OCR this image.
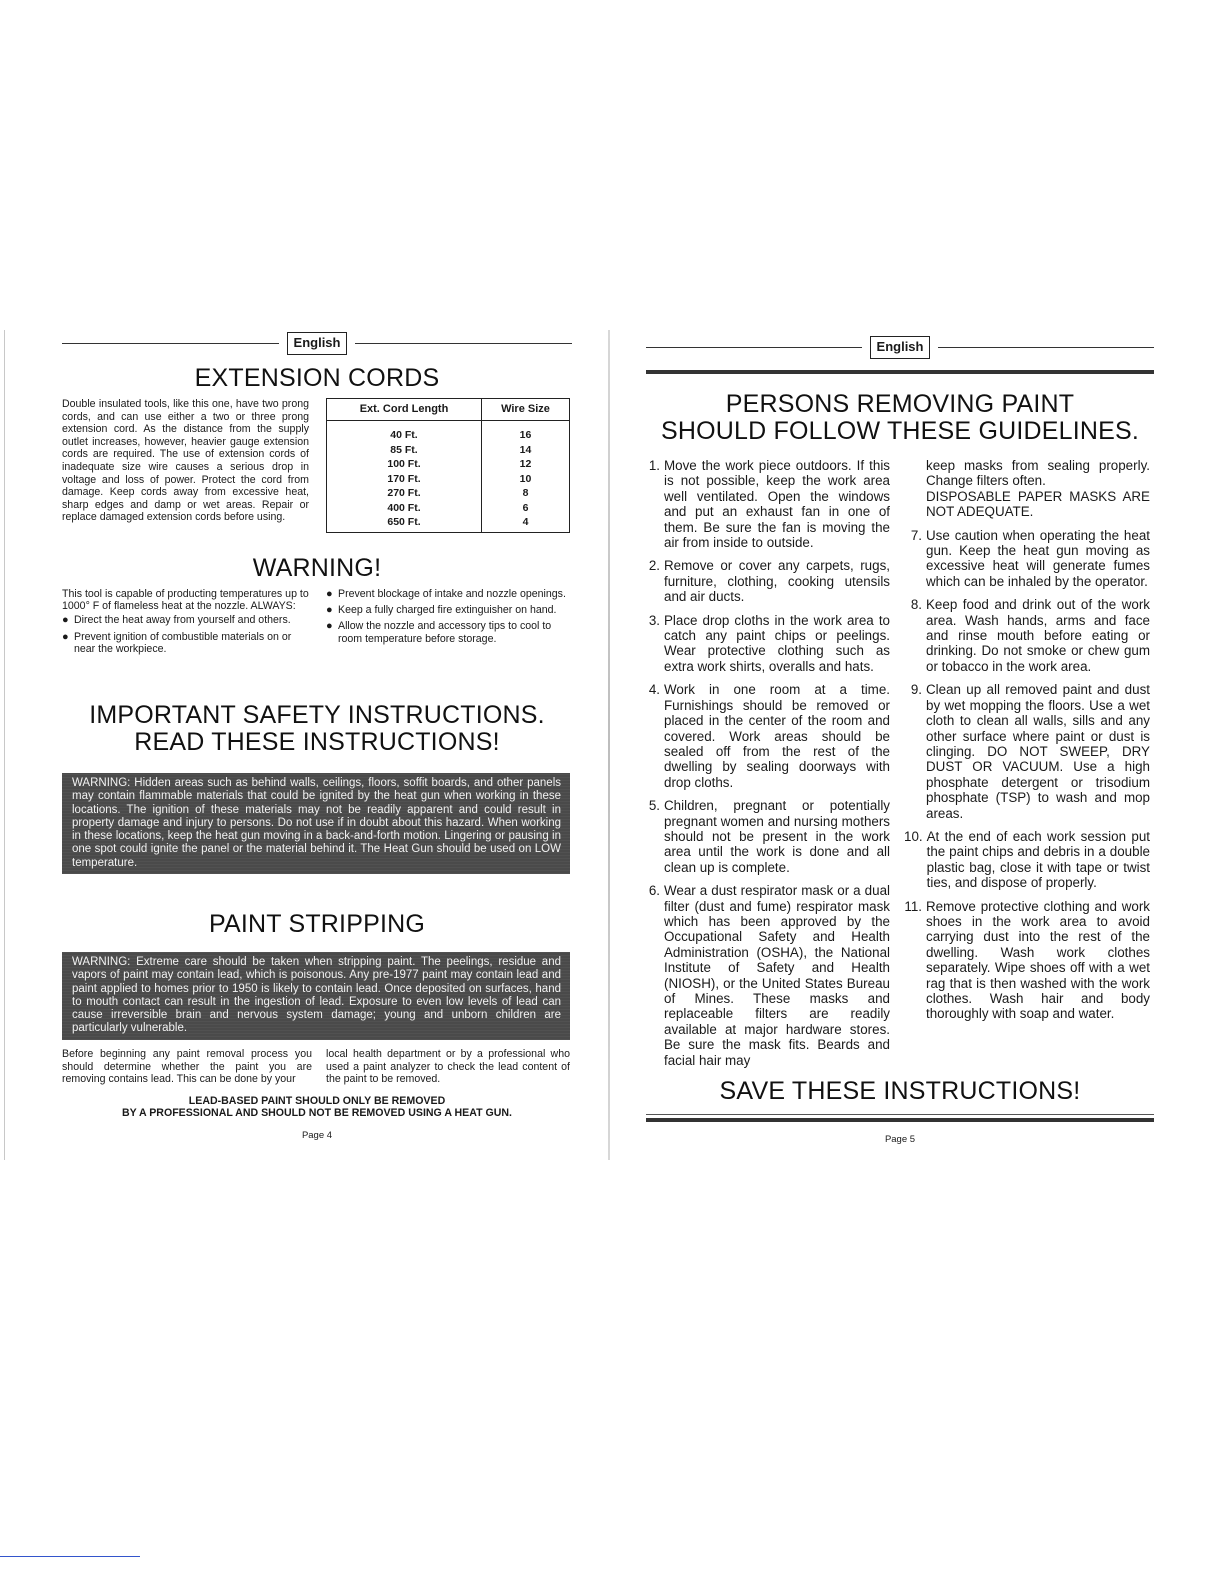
English
EXTENSION CORDS

Double insulated tools, like this one, have two prong cords, and can use either a two or three prong extension cord. As the distance from the supply outlet increases, however, heavier gauge extension cords are required. The use of extension cords of inadequate size wire causes a serious drop in voltage and loss of power. Protect the cord from damage. Keep cords away from excessive heat, sharp edges and damp or wet areas. Repair or replace damaged extension cords before using.

Ext. Cord Length	Wire Size
40 Ft.	16
85 Ft.	14
100 Ft.	12
170 Ft.	10
270 Ft.	8
400 Ft.	6
650 Ft.	4
WARNING!

This tool is capable of producting temperatures up to 1000° F of flameless heat at the nozzle. ALWAYS:

● Direct the heat away from yourself and others.
● Prevent ignition of combustible materials on or near the workpiece.
● Prevent blockage of intake and nozzle openings.
● Keep a fully charged fire extinguisher on hand.
● Allow the nozzle and accessory tips to cool to room temperature before storage.
IMPORTANT SAFETY INSTRUCTIONS.
READ THESE INSTRUCTIONS!
WARNING: Hidden areas such as behind walls, ceilings, floors, soffit boards, and other panels may contain flammable materials that could be ignited by the heat gun when working in these locations. The ignition of these materials may not be readily apparent and could result in property damage and injury to persons. Do not use if in doubt about this hazard. When working in these locations, keep the heat gun moving in a back-and-forth motion. Lingering or pausing in one spot could ignite the panel or the material behind it. The Heat Gun should be used on LOW temperature.
PAINT STRIPPING
WARNING: Extreme care should be taken when stripping paint. The peelings, residue and vapors of paint may contain lead, which is poisonous. Any pre-1977 paint may contain lead and paint applied to homes prior to 1950 is likely to contain lead. Once deposited on surfaces, hand to mouth contact can result in the ingestion of lead. Exposure to even low levels of lead can cause irreversible brain and nervous system damage; young and unborn children are particularly vulnerable.

Before beginning any paint removal process you should determine whether the paint you are removing contains lead. This can be done by your

local health department or by a professional who used a paint analyzer to check the lead content of the paint to be removed.

LEAD-BASED PAINT SHOULD ONLY BE REMOVED
BY A PROFESSIONAL AND SHOULD NOT BE REMOVED USING A HEAT GUN.
Page 4
English
PERSONS REMOVING PAINT
SHOULD FOLLOW THESE GUIDELINES.
1. Move the work piece outdoors. If this is not possible, keep the work area well ventilated. Open the windows and put an exhaust fan in one of them. Be sure the fan is moving the air from inside to outside.
2. Remove or cover any carpets, rugs, furniture, clothing, cooking utensils and air ducts.
3. Place drop cloths in the work area to catch any paint chips or peelings. Wear protective clothing such as extra work shirts, overalls and hats.
4. Work in one room at a time. Furnishings should be removed or placed in the center of the room and covered. Work areas should be sealed off from the rest of the dwelling by sealing doorways with drop cloths.
5. Children, pregnant or potentially pregnant women and nursing mothers should not be present in the work area until the work is done and all clean up is complete.
6. Wear a dust respirator mask or a dual filter (dust and fume) respirator mask which has been approved by the Occupational Safety and Health Administration (OSHA), the National Institute of Safety and Health (NIOSH), or the United States Bureau of Mines. These masks and replaceable filters are readily available at major hardware stores. Be sure the mask fits. Beards and facial hair may
keep masks from sealing properly. Change filters often.
DISPOSABLE PAPER MASKS ARE NOT ADEQUATE.
7. Use caution when operating the heat gun. Keep the heat gun moving as excessive heat will generate fumes which can be inhaled by the operator.
8. Keep food and drink out of the work area. Wash hands, arms and face and rinse mouth before eating or drinking. Do not smoke or chew gum or tobacco in the work area.
9. Clean up all removed paint and dust by wet mopping the floors. Use a wet cloth to clean all walls, sills and any other surface where paint or dust is clinging. DO NOT SWEEP, DRY DUST OR VACUUM. Use a high phosphate detergent or trisodium phosphate (TSP) to wash and mop areas.
10. At the end of each work session put the paint chips and debris in a double plastic bag, close it with tape or twist ties, and dispose of properly.
11. Remove protective clothing and work shoes in the work area to avoid carrying dust into the rest of the dwelling. Wash work clothes separately. Wipe shoes off with a wet rag that is then washed with the work clothes. Wash hair and body thoroughly with soap and water.
SAVE THESE INSTRUCTIONS!
Page 5
